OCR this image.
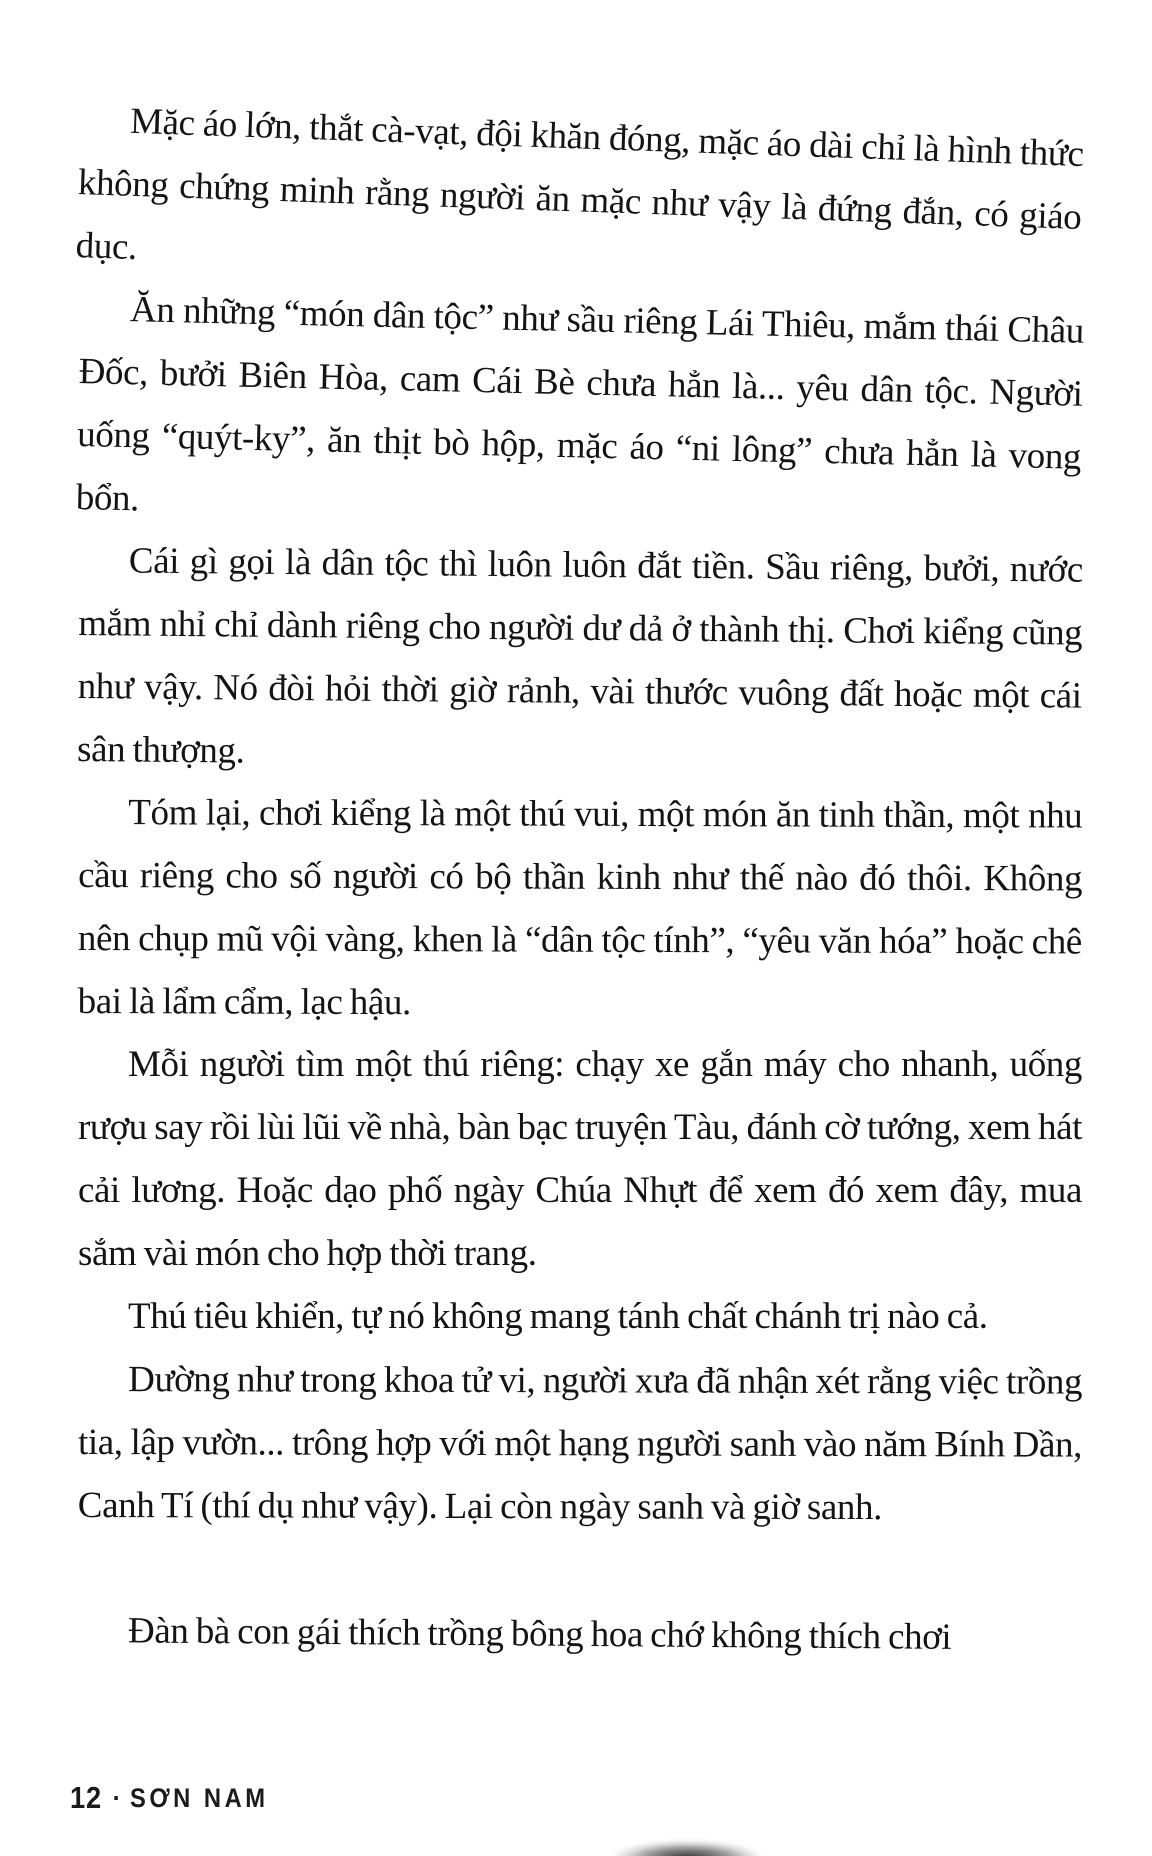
Mặc áo lớn, thắt cà-vạt, đội khăn đóng, mặc áo dài chỉ là hình thức không chứng minh rằng người ăn mặc như vậy là đứng đắn, có giáo dục.

Ăn những “món dân tộc” như sầu riêng Lái Thiêu, mắm thái Châu Đốc, bưởi Biên Hòa, cam Cái Bè chưa hẳn là... yêu dân tộc. Người uống “quýt-ky”, ăn thịt bò hộp, mặc áo “ni lông” chưa hẳn là vong bổn.

Cái gì gọi là dân tộc thì luôn luôn đắt tiền. Sầu riêng, bưởi, nước mắm nhỉ chỉ dành riêng cho người dư dả ở thành thị. Chơi kiểng cũng như vậy. Nó đòi hỏi thời giờ rảnh, vài thước vuông đất hoặc một cái sân thượng.

Tóm lại, chơi kiểng là một thú vui, một món ăn tinh thần, một nhu cầu riêng cho số người có bộ thần kinh như thế nào đó thôi. Không nên chụp mũ vội vàng, khen là “dân tộc tính”, “yêu văn hóa” hoặc chê bai là lẩm cẩm, lạc hậu.

Mỗi người tìm một thú riêng: chạy xe gắn máy cho nhanh, uống rượu say rồi lùi lũi về nhà, bàn bạc truyện Tàu, đánh cờ tướng, xem hát cải lương. Hoặc dạo phố ngày Chúa Nhựt để xem đó xem đây, mua sắm vài món cho hợp thời trang.

Thú tiêu khiển, tự nó không mang tánh chất chánh trị nào cả.

Dường như trong khoa tử vi, người xưa đã nhận xét rằng việc trồng tia, lập vườn... trông hợp với một hạng người sanh vào năm Bính Dần, Canh Tí (thí dụ như vậy). Lại còn ngày sanh và giờ sanh.

Đàn bà con gái thích trồng bông hoa chớ không thích chơi

12 ▪ SƠN NAM
